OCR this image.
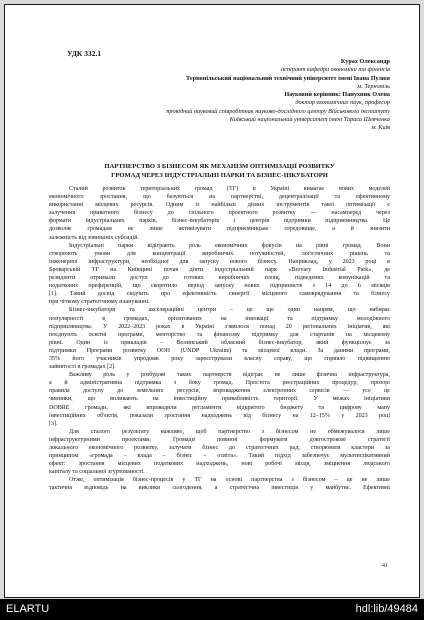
УДК 332.1
Курах Олександр
аспірант кафедри економіки та фінансів
Тернопільський національний технічний університет імені Івана Пулюя
м. Тернопіль
Науковий керівник: Панухник Олена
доктор економічних наук, професор
провідний науковий співробітник науково-дослідного центру Військового інституту
Київський національний університет імені Тараса Шевченка
м. Київ
ПАРТНЕРСТВО З БІЗНЕСОМ ЯК МЕХАНІЗМ ОПТИМІЗАЦІЇ РОЗВИТКУ
ГРОМАД ЧЕРЕЗ ІНДУСТРІАЛЬНІ ПАРКИ ТА БІЗНЕС-ІНКУБАТОРИ
Сталий розвиток територіальних громад (ТГ) в Україні вимагає нових моделей
економічного зростання, що базуються на партнерстві, децентралізації та ефективному
використанні місцевих ресурсів. Одним із найбільш дієвих інструментів такої оптимізації є
залучення приватного бізнесу до спільного проектного розвитку — насамперед через
формати індустріальних парків, бізнес-інкубаторів і центрів підтримки підприємництва. Це
дозволяє громадам не лише активізувати підприємницьке середовище, а й знизити
залежність від зовнішніх субсидій.
Індустріальні парки відіграють роль економічних фокусів на рівні громад. Вони
створюють умови для концентрації виробничих потужностей, логістичних рішень та
інженерної інфраструктури, необхідної для запуску нового бізнесу. Наприклад, у 2023 році в
Броварській ТГ на Київщині почав діяти індустріальний парк «Brovary Industrial Park», де
резиденти отримали доступ до готових виробничих площ, підведених комунікацій та
податкових преференцій, що скоротило період запуску нових підприємств з 14 до 6 місяців
[1]. Такий досвід свідчить про ефективність синергії місцевого самоврядування та бізнесу
при чіткому стратегічному плануванні.
Бізнес-інкубатори та акселераційні центри – це ще один напрям, що набирає
популярності в громадах, орієнтованих на інновації та підтримку молодіжного
підприємництва. У 2022–2023 роках в Україні з'явилося понад 20 регіональних ініціатив, які
поєднують освітні програми, менторство та фінансову підтримку для стартапів на місцевому
рівні. Один із прикладів – Волинський обласний бізнес-інкубатор, який функціонує за
підтримки Програми розвитку ООН (UNDP Ukraine) та місцевої влади. За даними програми,
35% його учасників упродовж року зареєстрували власну справу, що сприяло підвищенню
зайнятості в громадах [2].
Важливу роль у розбудові таких партнерств відіграє не лише фізична інфраструктура,
а й адміністративна підтримка з боку громад. Простота реєстраційних процедур, прозорі
правила доступу до земельних ресурсів, впровадження електронних сервісів — усе це
чинники, що впливають на інвестиційну привабливість території. У межах ініціативи
DOBRE громади, які впровадили регламенти відкритого бюджету та цифрову мапу
інвестиційних об'єктів, показали зростання надходжень від бізнесу на 12–15% у 2023 році
[3].
Для сталого результату важливо, щоб партнерство з бізнесом не обмежувалося лише
інфраструктурними проектами. Громади повинні формувати довгострокові стратегії
локального економічного розвитку, залучати бізнес до стратегічних рад, створювати кластери за
принципом «громада – влада – бізнес – освіта». Такий підхід забезпечує мультиплікативний
ефект: зростання місцевих податкових надходжень, нові робочі місця, зміцнення людського
капіталу та соціальної згуртованості.
Отже, оптимізація бізнес-процесів у ТГ на основі партнерства з бізнесом – це не лише
тактична відповідь на виклики сьогодення, а стратегічна інвестиція у майбутнє. Ефективні
41
ELARTU	hdl:lib/49484
